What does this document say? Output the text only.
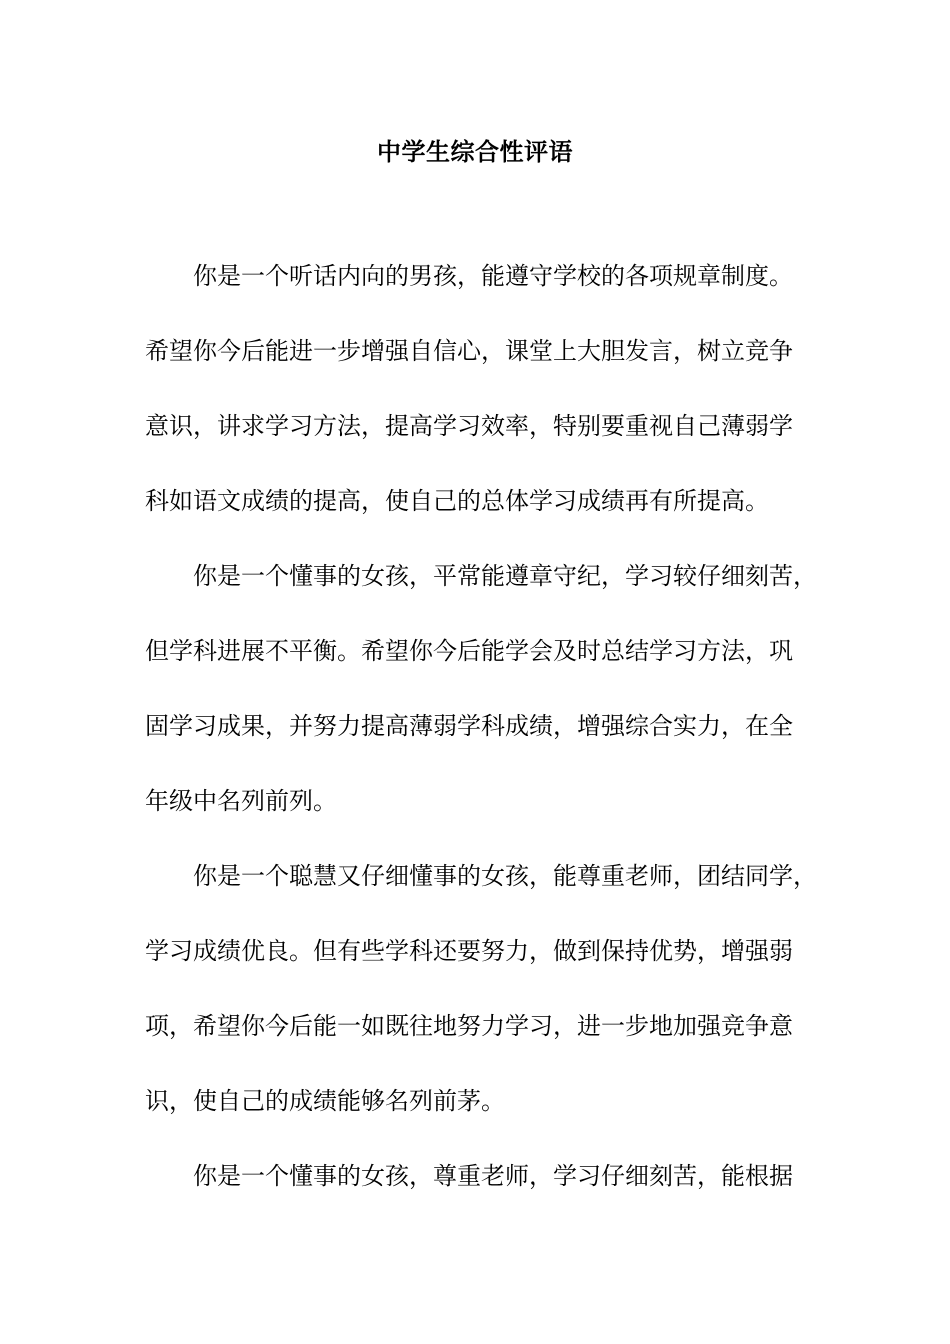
中学生综合性评语

你是一个听话内向的男孩，能遵守学校的各项规章制度。

希望你今后能进一步增强自信心，课堂上大胆发言，树立竞争

意识，讲求学习方法，提高学习效率，特别要重视自己薄弱学

科如语文成绩的提高，使自己的总体学习成绩再有所提高。

你是一个懂事的女孩，平常能遵章守纪，学习较仔细刻苦，

但学科进展不平衡。希望你今后能学会及时总结学习方法，巩

固学习成果，并努力提高薄弱学科成绩，增强综合实力，在全

年级中名列前列。

你是一个聪慧又仔细懂事的女孩，能尊重老师，团结同学，

学习成绩优良。但有些学科还要努力，做到保持优势，增强弱

项，希望你今后能一如既往地努力学习，进一步地加强竞争意

识，使自己的成绩能够名列前茅。

你是一个懂事的女孩，尊重老师，学习仔细刻苦，能根据
